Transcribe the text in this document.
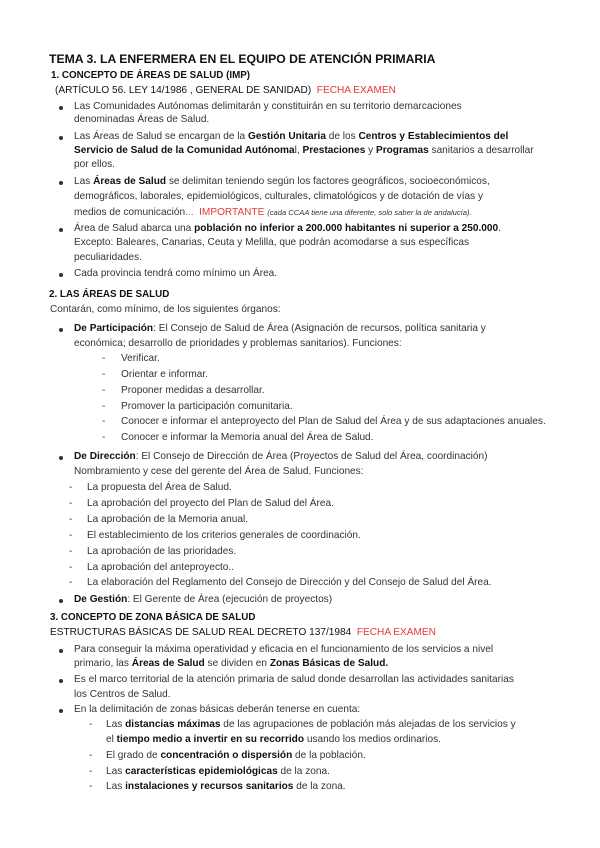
TEMA 3. LA ENFERMERA EN EL EQUIPO DE ATENCIÓN PRIMARIA
1. CONCEPTO DE ÁREAS DE SALUD (IMP)
(ARTÍCULO 56. LEY 14/1986 , GENERAL DE SANIDAD) FECHA EXAMEN
Las Comunidades Autónomas delimitarán y constituirán en su territorio demarcaciones
denominadas Áreas de Salud.
Las Áreas de Salud se encargan de la Gestión Unitaria de los Centros y Establecimientos del
Servicio de Salud de la Comunidad Autónomal, Prestaciones y Programas sanitarios a desarrollar
por ellos.
Las Áreas de Salud se delimitan teniendo según los factores geográficos, socioeconómicos,
demográficos, laborales, epidemiológicos, culturales, climatológicos y de dotación de vías y
medios de comunicación... IMPORTANTE (cada CCAA tiene una diferente, solo saber la de andalucía).
Área de Salud abarca una población no inferior a 200.000 habitantes ni superior a 250.000.
Excepto: Baleares, Canarias, Ceuta y Melilla, que podrán acomodarse a sus específicas
peculiaridades.
Cada provincia tendrá como mínimo un Área.
2. LAS ÁREAS DE SALUD
Contarán, como mínimo, de los siguientes órganos:
De Participación: El Consejo de Salud de Área (Asignación de recursos, política sanitaria y
económica; desarrollo de prioridades y problemas sanitarios). Funciones:
- Verificar.
- Orientar e informar.
- Proponer medidas a desarrollar.
- Promover la participación comunitaria.
- Conocer e informar el anteproyecto del Plan de Salud del Área y de sus adaptaciones anuales.
- Conocer e informar la Memoria anual del Área de Salud.
De Dirección: El Consejo de Dirección de Área (Proyectos de Salud del Área, coordinación)
Nombramiento y cese del gerente del Área de Salud. Funciones:
- La propuesta del Área de Salud.
- La aprobación del proyecto del Plan de Salud del Área.
- La aprobación de la Memoria anual.
- El establecimiento de los criterios generales de coordinación.
- La aprobación de las prioridades.
- La aprobación del anteproyecto..
- La elaboración del Reglamento del Consejo de Dirección y del Consejo de Salud del Área.
De Gestión: El Gerente de Área (ejecución de proyectos)
3. CONCEPTO DE ZONA BÁSICA DE SALUD
ESTRUCTURAS BÁSICAS DE SALUD REAL DECRETO 137/1984 FECHA EXAMEN
Para conseguir la máxima operatividad y eficacia en el funcionamiento de los servicios a nivel
primario, las Áreas de Salud se dividen en Zonas Básicas de Salud.
Es el marco territorial de la atención primaria de salud donde desarrollan las actividades sanitarias
los Centros de Salud.
En la delimitación de zonas básicas deberán tenerse en cuenta:
- Las distancias máximas de las agrupaciones de población más alejadas de los servicios y
el tiempo medio a invertir en su recorrido usando los medios ordinarios.
- El grado de concentración o dispersión de la población.
- Las características epidemiológicas de la zona.
- Las instalaciones y recursos sanitarios de la zona.
